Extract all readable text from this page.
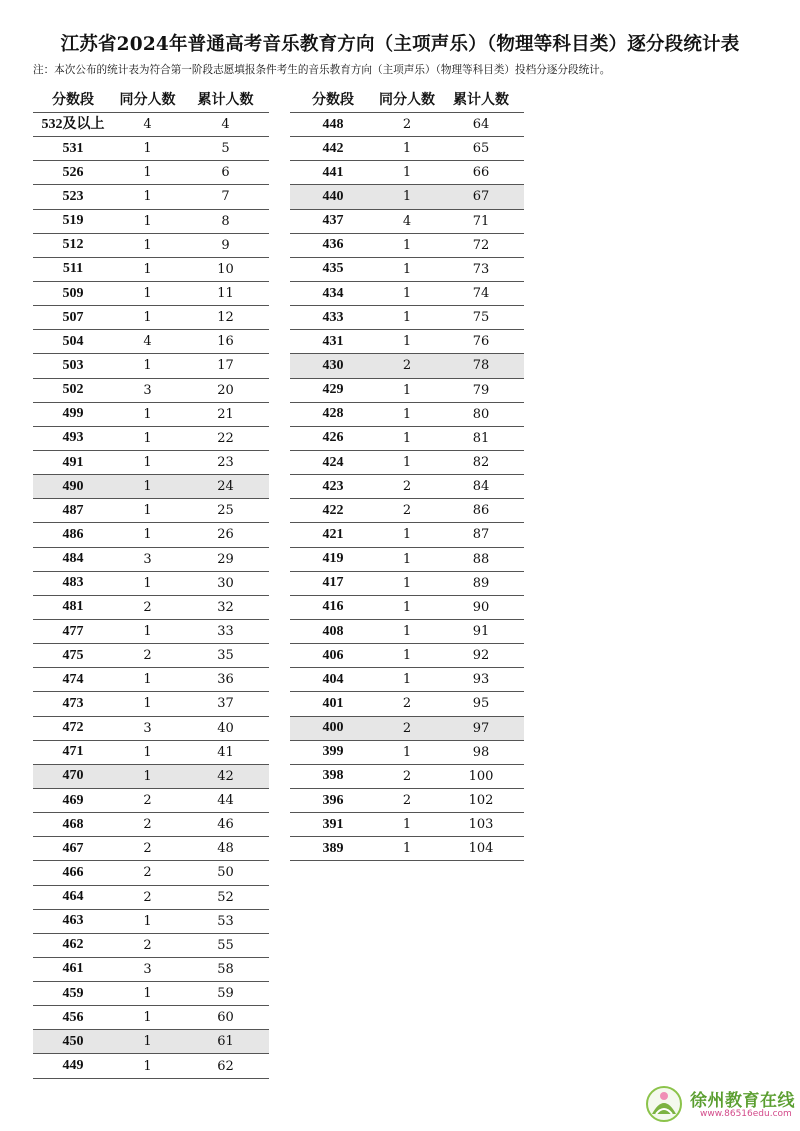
江苏省2024年普通高考音乐教育方向（主项声乐）（物理等科目类）逐分段统计表
注：本次公布的统计表为符合第一阶段志愿填报条件考生的音乐教育方向（主项声乐）（物理等科目类）投档分逐分段统计。
分数段	同分人数	累计人数
532及以上	4	4
531	1	5
526	1	6
523	1	7
519	1	8
512	1	9
511	1	10
509	1	11
507	1	12
504	4	16
503	1	17
502	3	20
499	1	21
493	1	22
491	1	23
490	1	24
487	1	25
486	1	26
484	3	29
483	1	30
481	2	32
477	1	33
475	2	35
474	1	36
473	1	37
472	3	40
471	1	41
470	1	42
469	2	44
468	2	46
467	2	48
466	2	50
464	2	52
463	1	53
462	2	55
461	3	58
459	1	59
456	1	60
450	1	61
449	1	62
分数段	同分人数	累计人数
448	2	64
442	1	65
441	1	66
440	1	67
437	4	71
436	1	72
435	1	73
434	1	74
433	1	75
431	1	76
430	2	78
429	1	79
428	1	80
426	1	81
424	1	82
423	2	84
422	2	86
421	1	87
419	1	88
417	1	89
416	1	90
408	1	91
406	1	92
404	1	93
401	2	95
400	2	97
399	1	98
398	2	100
396	2	102
391	1	103
389	1	104
徐州教育在线
www.86516edu.com
